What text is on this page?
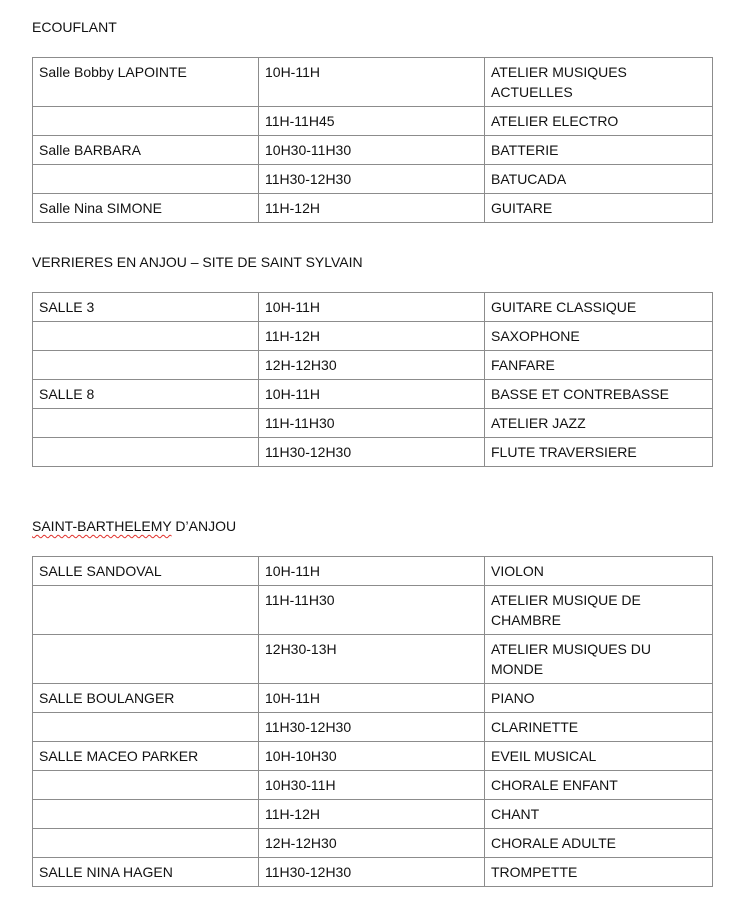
ECOUFLANT
Salle Bobby LAPOINTE	10H-11H	ATELIER MUSIQUES ACTUELLES
	11H-11H45	ATELIER ELECTRO
Salle BARBARA	10H30-11H30	BATTERIE
	11H30-12H30	BATUCADA
Salle Nina SIMONE	11H-12H	GUITARE
VERRIERES EN ANJOU – SITE DE SAINT SYLVAIN
SALLE 3	10H-11H	GUITARE CLASSIQUE
	11H-12H	SAXOPHONE
	12H-12H30	FANFARE
SALLE 8	10H-11H	BASSE ET CONTREBASSE
	11H-11H30	ATELIER JAZZ
	11H30-12H30	FLUTE TRAVERSIERE
SAINT-BARTHELEMY D’ANJOU
SALLE SANDOVAL	10H-11H	VIOLON
	11H-11H30	ATELIER MUSIQUE DE CHAMBRE
	12H30-13H	ATELIER MUSIQUES DU MONDE
SALLE BOULANGER	10H-11H	PIANO
	11H30-12H30	CLARINETTE
SALLE MACEO PARKER	10H-10H30	EVEIL MUSICAL
	10H30-11H	CHORALE ENFANT
	11H-12H	CHANT
	12H-12H30	CHORALE ADULTE
SALLE NINA HAGEN	11H30-12H30	TROMPETTE
